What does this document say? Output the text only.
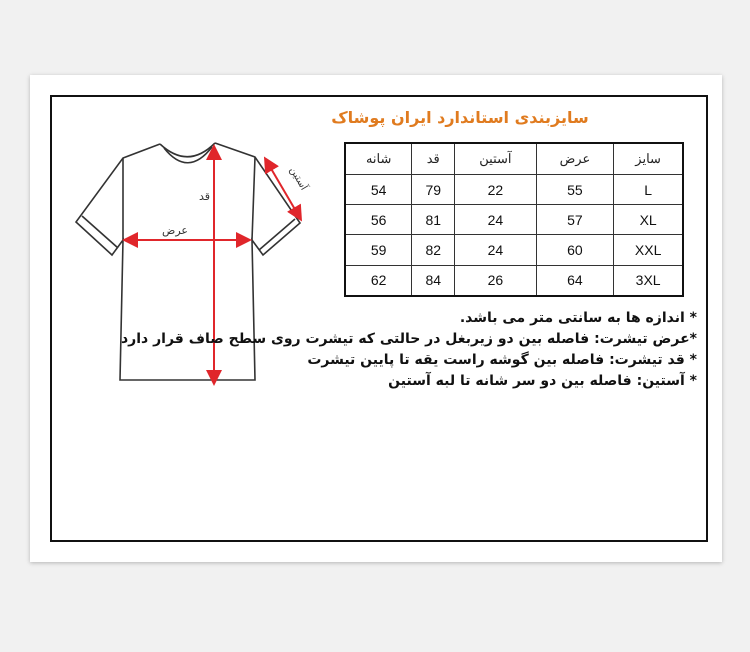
قد
عرض
آستین
سایزبندی استاندارد ایران پوشاک
شانه	قد	آستین	عرض	سایز
54	79	22	55	L
56	81	24	57	XL
59	82	24	60	XXL
62	84	26	64	3XL
* اندازه ها به سانتی متر می باشد.
*عرض تیشرت: فاصله بین دو زیربغل در حالتی که تیشرت روی سطح صاف قرار دارد
* قد تیشرت: فاصله بین گوشه راست یقه تا پایین تیشرت
* آستین: فاصله بین دو سر شانه تا لبه آستین
